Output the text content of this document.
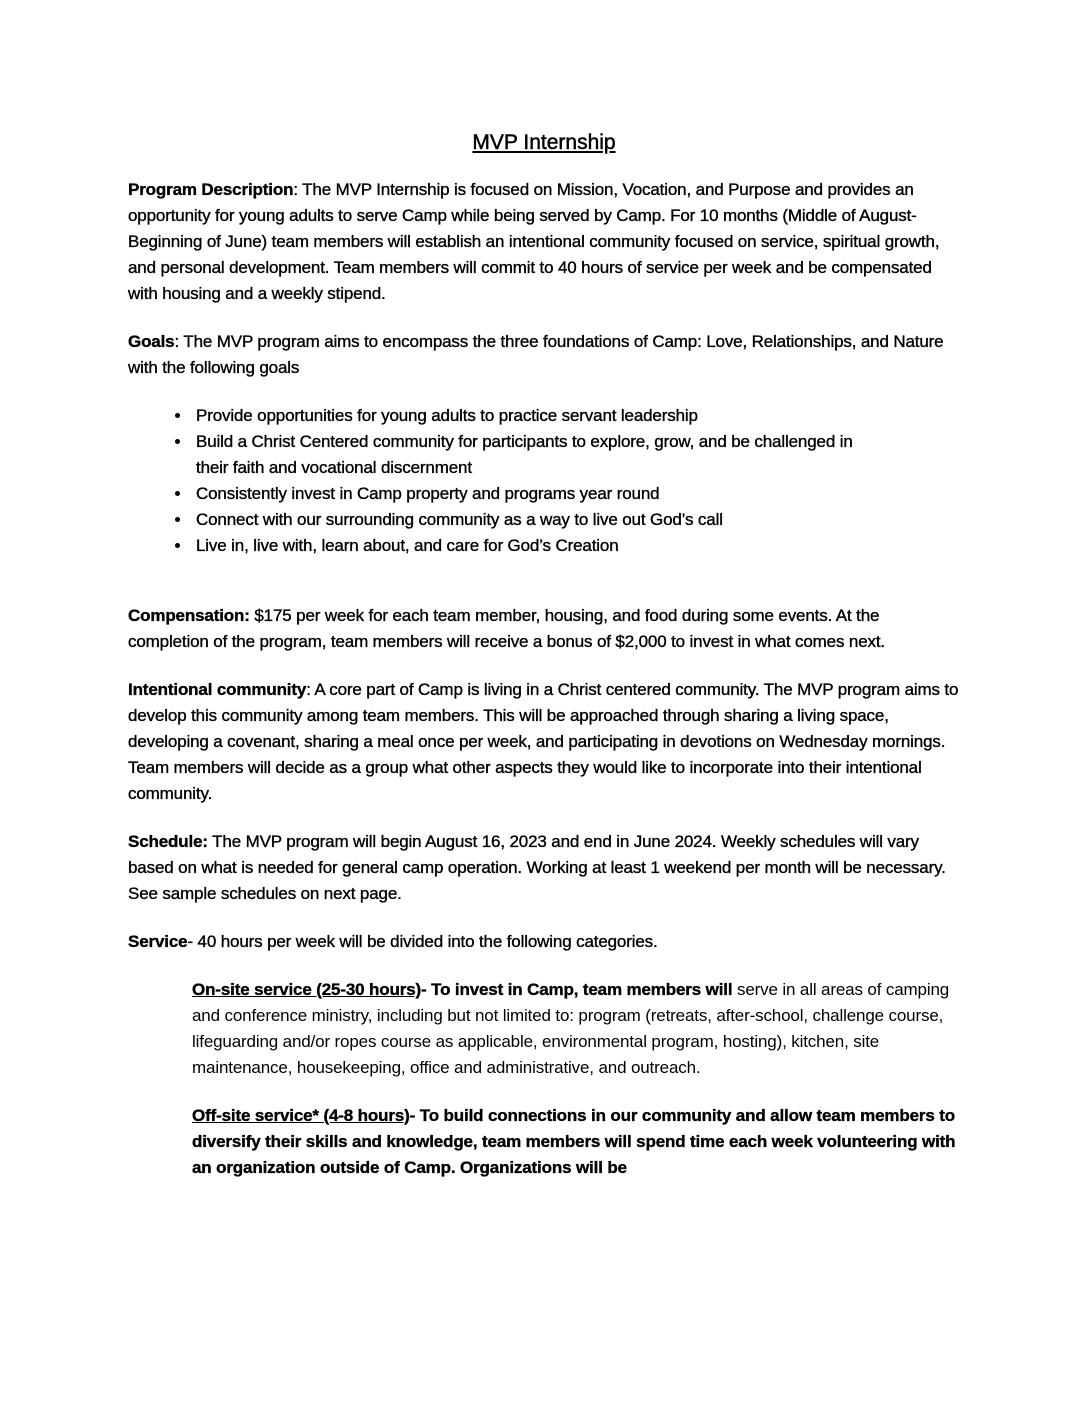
MVP Internship

Program Description: The MVP Internship is focused on Mission, Vocation, and Purpose and provides an opportunity for young adults to serve Camp while being served by Camp. For 10 months (Middle of August- Beginning of June) team members will establish an intentional community focused on service, spiritual growth, and personal development. Team members will commit to 40 hours of service per week and be compensated with housing and a weekly stipend.

Goals: The MVP program aims to encompass the three foundations of Camp: Love, Relationships, and Nature with the following goals

• Provide opportunities for young adults to practice servant leadership
• Build a Christ Centered community for participants to explore, grow, and be challenged in their faith and vocational discernment
• Consistently invest in Camp property and programs year round
• Connect with our surrounding community as a way to live out God’s call
• Live in, live with, learn about, and care for God’s Creation

Compensation: $175 per week for each team member, housing, and food during some events. At the completion of the program, team members will receive a bonus of $2,000 to invest in what comes next.

Intentional community: A core part of Camp is living in a Christ centered community. The MVP program aims to develop this community among team members. This will be approached through sharing a living space, developing a covenant, sharing a meal once per week, and participating in devotions on Wednesday mornings. Team members will decide as a group what other aspects they would like to incorporate into their intentional community.

Schedule: The MVP program will begin August 16, 2023 and end in June 2024. Weekly schedules will vary based on what is needed for general camp operation. Working at least 1 weekend per month will be necessary. See sample schedules on next page.

Service- 40 hours per week will be divided into the following categories.

On-site service (25-30 hours)- To invest in Camp, team members will serve in all areas of camping and conference ministry, including but not limited to: program (retreats, after-school, challenge course, lifeguarding and/or ropes course as applicable, environmental program, hosting), kitchen, site maintenance, housekeeping, office and administrative, and outreach.

Off-site service* (4-8 hours)- To build connections in our community and allow team members to diversify their skills and knowledge, team members will spend time each week volunteering with an organization outside of Camp. Organizations will be
